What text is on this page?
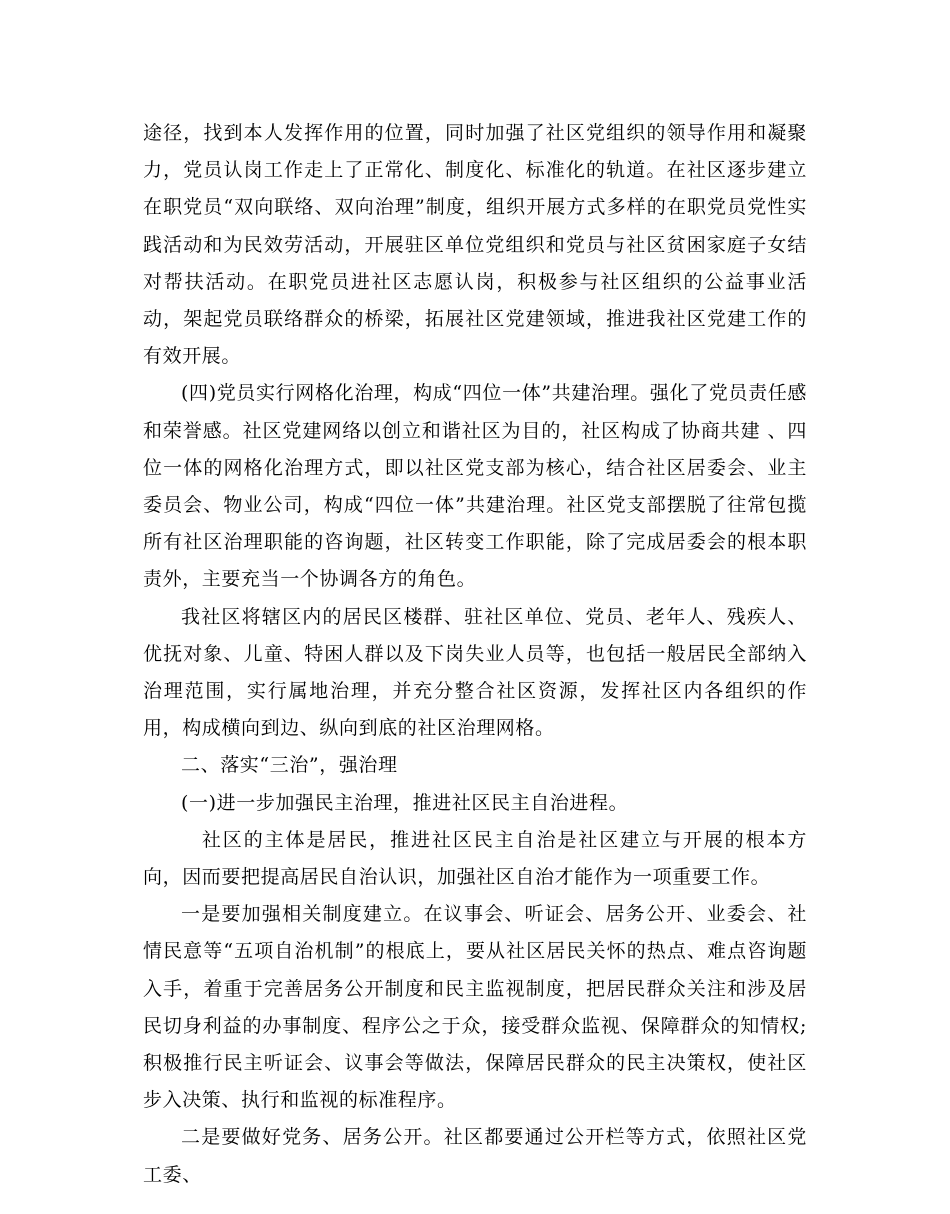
途径，找到本人发挥作用的位置，同时加强了社区党组织的领导作用和凝聚力，党员认岗工作走上了正常化、制度化、标准化的轨道。在社区逐步建立在职党员“双向联络、双向治理”制度，组织开展方式多样的在职党员党性实践活动和为民效劳活动，开展驻区单位党组织和党员与社区贫困家庭子女结对帮扶活动。在职党员进社区志愿认岗，积极参与社区组织的公益事业活动，架起党员联络群众的桥梁，拓展社区党建领域，推进我社区党建工作的有效开展。

(四)党员实行网格化治理，构成“四位一体”共建治理。强化了党员责任感和荣誉感。社区党建网络以创立和谐社区为目的，社区构成了协商共建 、四位一体的网格化治理方式，即以社区党支部为核心，结合社区居委会、业主委员会、物业公司，构成“四位一体”共建治理。社区党支部摆脱了往常包揽所有社区治理职能的咨询题，社区转变工作职能，除了完成居委会的根本职责外，主要充当一个协调各方的角色。

我社区将辖区内的居民区楼群、驻社区单位、党员、老年人、残疾人、优抚对象、儿童、特困人群以及下岗失业人员等，也包括一般居民全部纳入治理范围，实行属地治理，并充分整合社区资源，发挥社区内各组织的作用，构成横向到边、纵向到底的社区治理网格。

二、落实“三治”，强治理

(一)进一步加强民主治理，推进社区民主自治进程。

社区的主体是居民，推进社区民主自治是社区建立与开展的根本方向，因而要把提高居民自治认识，加强社区自治才能作为一项重要工作。

一是要加强相关制度建立。在议事会、听证会、居务公开、业委会、社情民意等“五项自治机制”的根底上，要从社区居民关怀的热点、难点咨询题入手，着重于完善居务公开制度和民主监视制度，把居民群众关注和涉及居民切身利益的办事制度、程序公之于众，接受群众监视、保障群众的知情权;积极推行民主听证会、议事会等做法，保障居民群众的民主决策权，使社区步入决策、执行和监视的标准程序。

二是要做好党务、居务公开。社区都要通过公开栏等方式，依照社区党工委、
